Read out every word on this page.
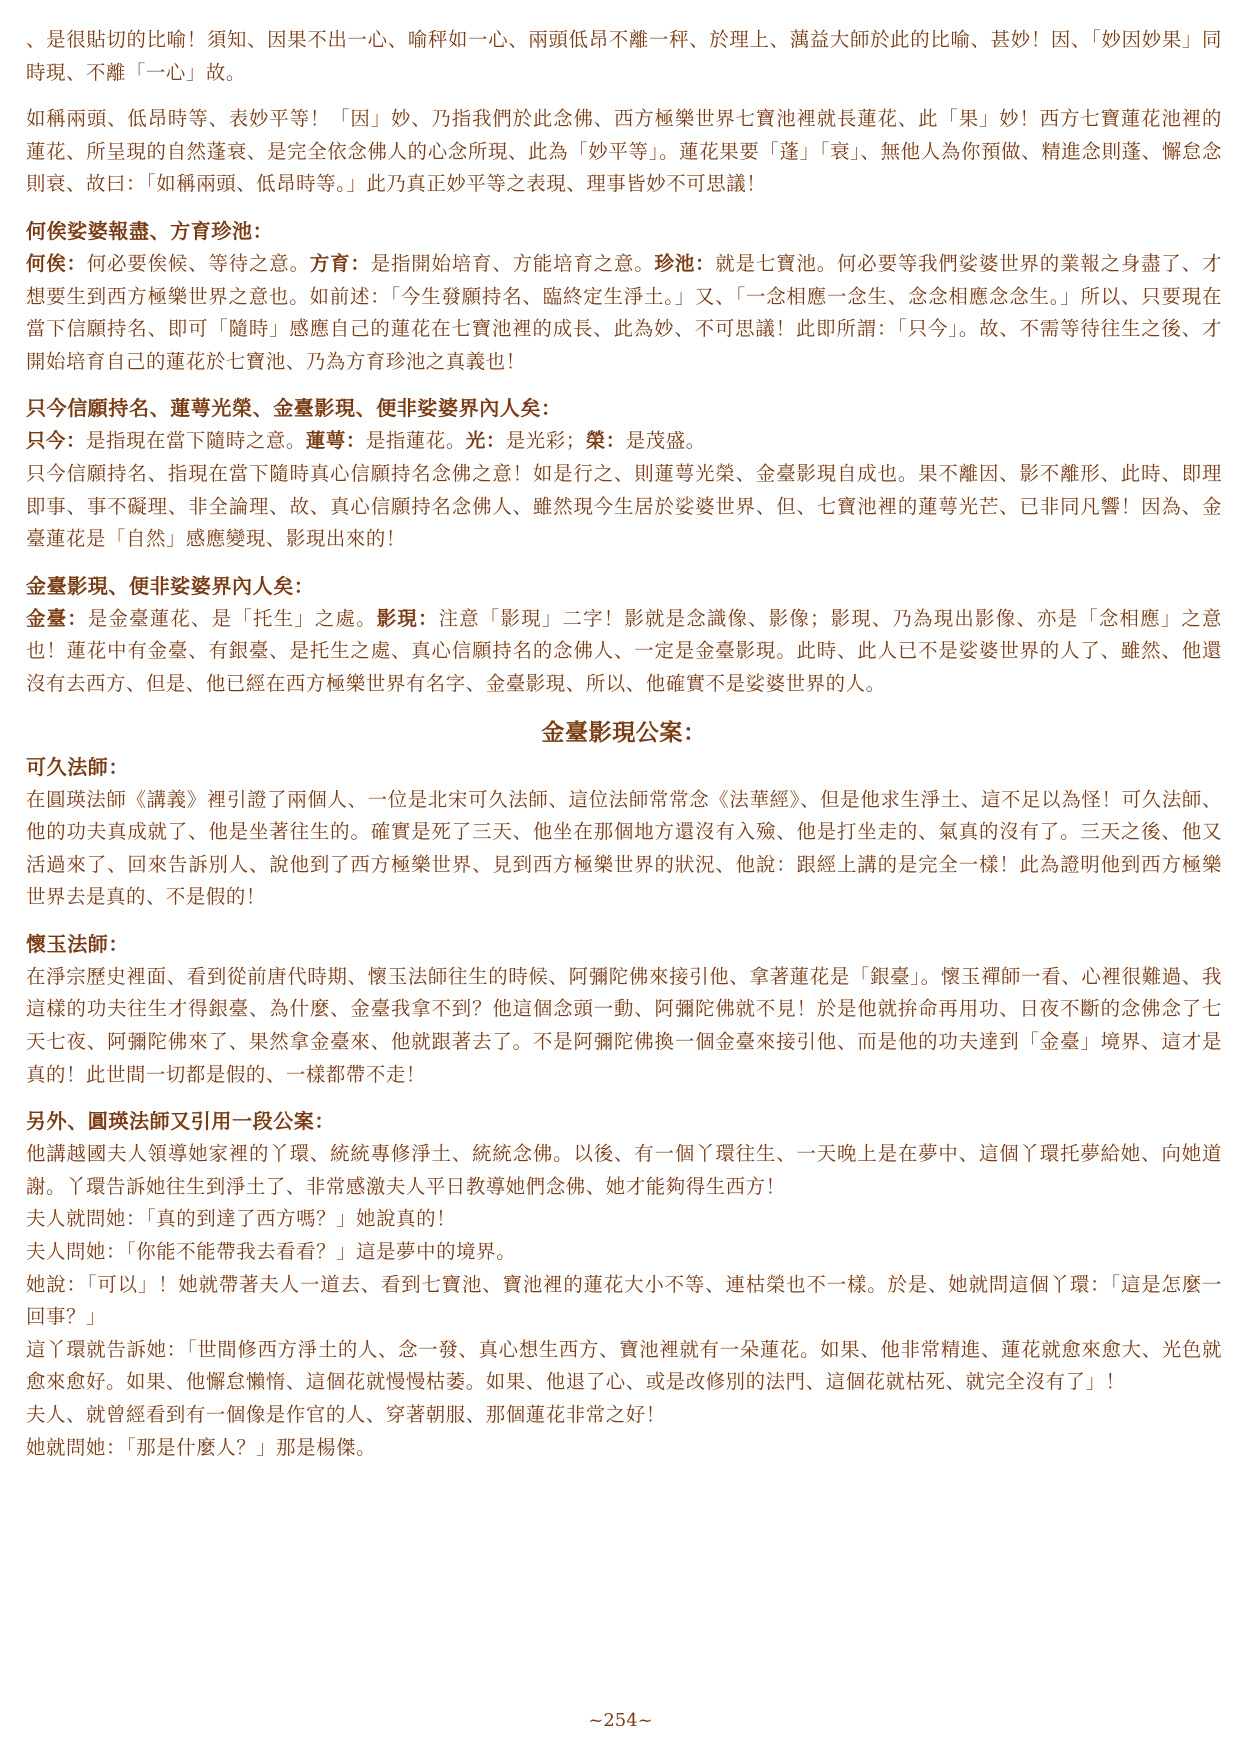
、是很貼切的比喻！須知、因果不出一心、喻秤如一心、兩頭低昂不離一秤、於理上、蕅益大師於此的比喻、甚妙！因、「妙因妙果」同時現、不離「一心」故。

如稱兩頭、低昂時等、表妙平等！「因」妙、乃指我們於此念佛、西方極樂世界七寶池裡就長蓮花、此「果」妙！西方七寶蓮花池裡的蓮花、所呈現的自然蓬衰、是完全依念佛人的心念所現、此為「妙平等」。蓮花果要「蓬」「衰」、無他人為你預做、精進念則蓬、懈怠念則衰、故曰：「如稱兩頭、低昂時等。」此乃真正妙平等之表現、理事皆妙不可思議！

何俟娑婆報盡、方育珍池：

何俟：何必要俟候、等待之意。方育：是指開始培育、方能培育之意。珍池：就是七寶池。何必要等我們娑婆世界的業報之身盡了、才想要生到西方極樂世界之意也。如前述：「今生發願持名、臨終定生淨土。」又、「一念相應一念生、念念相應念念生。」所以、只要現在當下信願持名、即可「隨時」感應自己的蓮花在七寶池裡的成長、此為妙、不可思議！此即所謂：「只今」。故、不需等待往生之後、才開始培育自己的蓮花於七寶池、乃為方育珍池之真義也！

只今信願持名、蓮萼光榮、金臺影現、便非娑婆界內人矣：

只今：是指現在當下隨時之意。蓮萼：是指蓮花。光：是光彩；榮：是茂盛。

只今信願持名、指現在當下隨時真心信願持名念佛之意！如是行之、則蓮萼光榮、金臺影現自成也。果不離因、影不離形、此時、即理即事、事不礙理、非全論理、故、真心信願持名念佛人、雖然現今生居於娑婆世界、但、七寶池裡的蓮萼光芒、已非同凡響！因為、金臺蓮花是「自然」感應變現、影現出來的！

金臺影現、便非娑婆界內人矣：

金臺：是金臺蓮花、是「托生」之處。影現：注意「影現」二字！影就是念識像、影像；影現、乃為現出影像、亦是「念相應」之意也！蓮花中有金臺、有銀臺、是托生之處、真心信願持名的念佛人、一定是金臺影現。此時、此人已不是娑婆世界的人了、雖然、他還沒有去西方、但是、他已經在西方極樂世界有名字、金臺影現、所以、他確實不是娑婆世界的人。

金臺影現公案：

可久法師：

在圓瑛法師《講義》裡引證了兩個人、一位是北宋可久法師、這位法師常常念《法華經》、但是他求生淨土、這不足以為怪！可久法師、他的功夫真成就了、他是坐著往生的。確實是死了三天、他坐在那個地方還沒有入殮、他是打坐走的、氣真的沒有了。三天之後、他又活過來了、回來告訴別人、說他到了西方極樂世界、見到西方極樂世界的狀況、他說：跟經上講的是完全一樣！此為證明他到西方極樂世界去是真的、不是假的！

懷玉法師：

在淨宗歷史裡面、看到從前唐代時期、懷玉法師往生的時候、阿彌陀佛來接引他、拿著蓮花是「銀臺」。懷玉禪師一看、心裡很難過、我這樣的功夫往生才得銀臺、為什麼、金臺我拿不到？他這個念頭一動、阿彌陀佛就不見！於是他就拚命再用功、日夜不斷的念佛念了七天七夜、阿彌陀佛來了、果然拿金臺來、他就跟著去了。不是阿彌陀佛換一個金臺來接引他、而是他的功夫達到「金臺」境界、這才是真的！此世間一切都是假的、一樣都帶不走！

另外、圓瑛法師又引用一段公案：

他講越國夫人領導她家裡的丫環、統統專修淨土、統統念佛。以後、有一個丫環往生、一天晚上是在夢中、這個丫環托夢給她、向她道謝。丫環告訴她往生到淨土了、非常感激夫人平日教導她們念佛、她才能夠得生西方！

夫人就問她：「真的到達了西方嗎？」她說真的！

夫人問她：「你能不能帶我去看看？」這是夢中的境界。

她說：「可以」！她就帶著夫人一道去、看到七寶池、寶池裡的蓮花大小不等、連枯榮也不一樣。於是、她就問這個丫環：「這是怎麼一回事？」

這丫環就告訴她：「世間修西方淨土的人、念一發、真心想生西方、寶池裡就有一朵蓮花。如果、他非常精進、蓮花就愈來愈大、光色就愈來愈好。如果、他懈怠懶惰、這個花就慢慢枯萎。如果、他退了心、或是改修別的法門、這個花就枯死、就完全沒有了」！

夫人、就曾經看到有一個像是作官的人、穿著朝服、那個蓮花非常之好！

她就問她：「那是什麼人？」那是楊傑。

~254~
